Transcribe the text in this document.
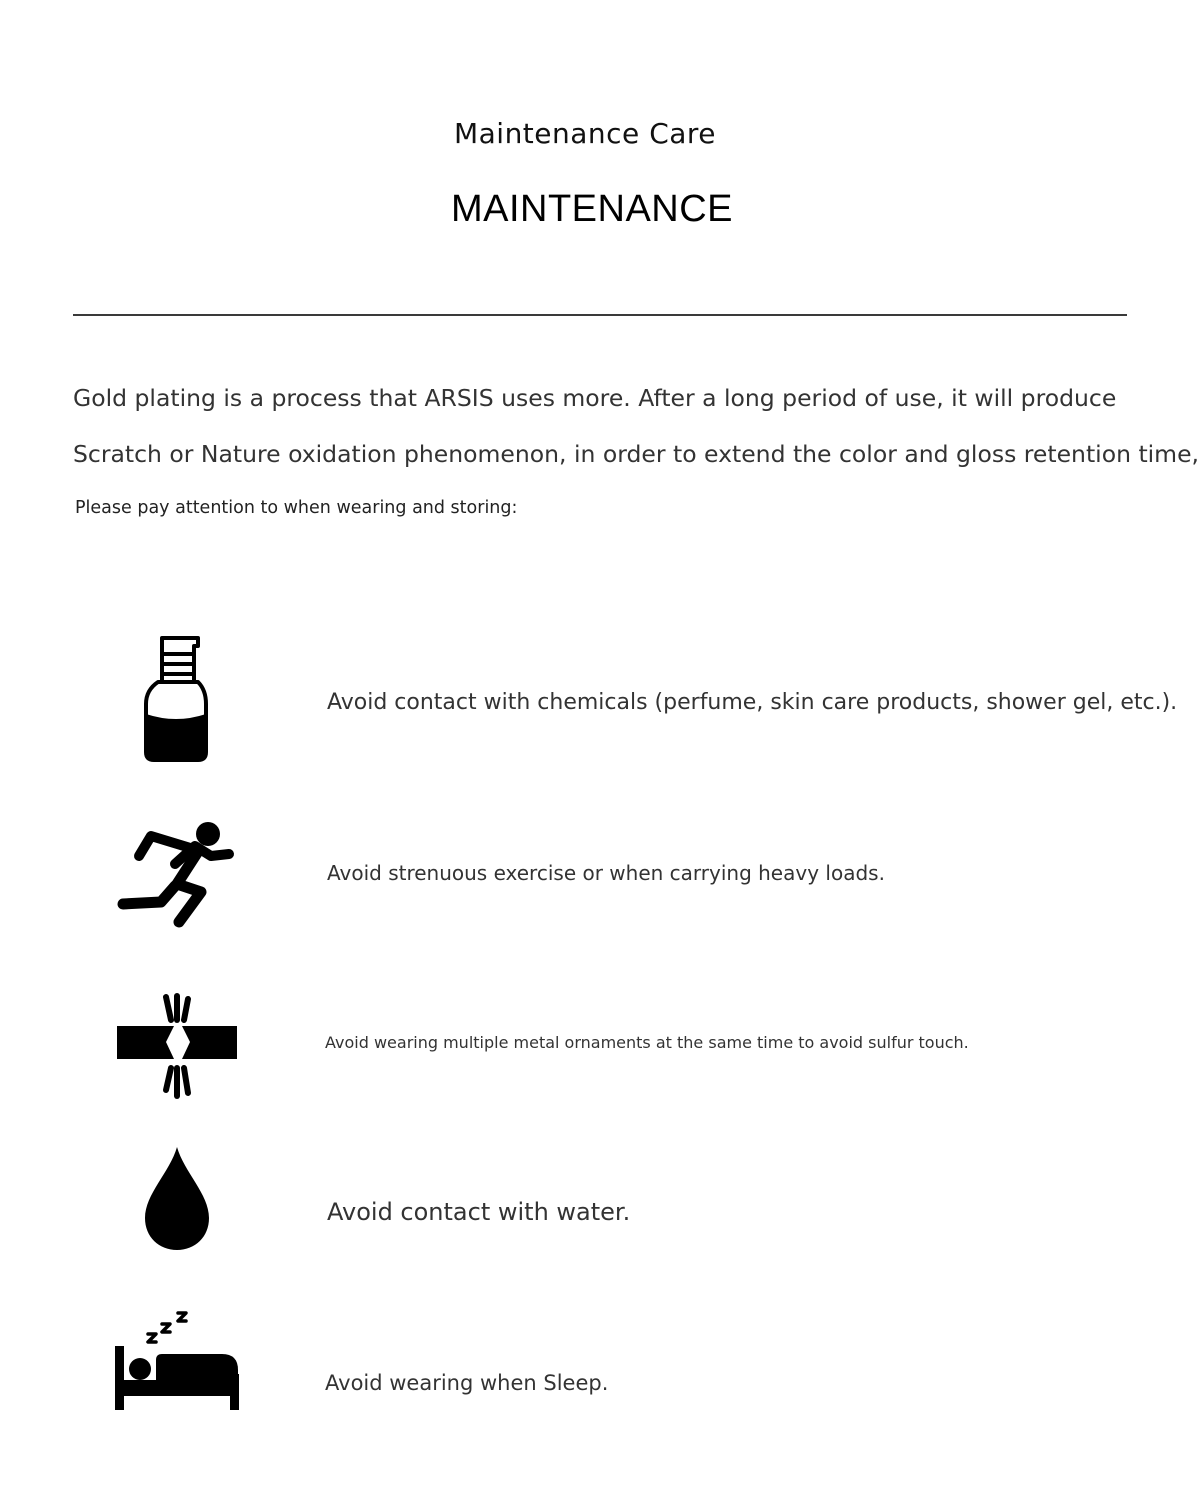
Maintenance Care
MAINTENANCE
Gold plating is a process that ARSIS uses more. After a long period of use, it will produce
Scratch or Nature oxidation phenomenon, in order to extend the color and gloss retention time,
Please pay attention to when wearing and storing:
Avoid contact with chemicals (perfume, skin care products, shower gel, etc.).
Avoid strenuous exercise or when carrying heavy loads.
Avoid wearing multiple metal ornaments at the same time to avoid sulfur touch.
Avoid contact with water.
Avoid wearing when Sleep.
